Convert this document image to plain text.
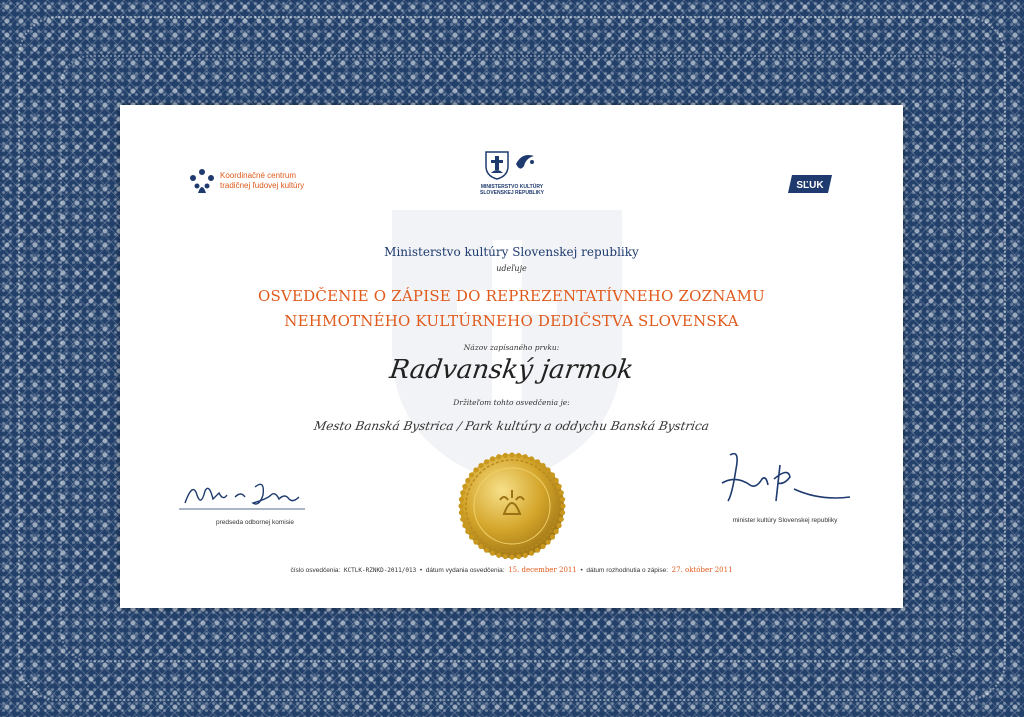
Koordinačné centrum
tradičnej ľudovej kultúry	MINISTERSTVO KULTÚRY
SLOVENSKEJ REPUBLIKY
SĽUK
Ministerstvo kultúry Slovenskej republiky
udeľuje
OSVEDČENIE O ZÁPISE DO REPREZENTATÍVNEHO ZOZNAMU
NEHMOTNÉHO KULTÚRNEHO DEDIČSTVA SLOVENSKA
Názov zapísaného prvku:
Radvanský jarmok
Držiteľom tohto osvedčenia je:
Mesto Banská Bystrica / Park kultúry a oddychu Banská Bystrica
predseda odbornej komisie	minister kultúry Slovenskej republiky
číslo osvedčenia: KCTLK-RZNKD-2011/013 • dátum vydania osvedčenia: 15. december 2011 • dátum rozhodnutia o zápise: 27. október 2011
